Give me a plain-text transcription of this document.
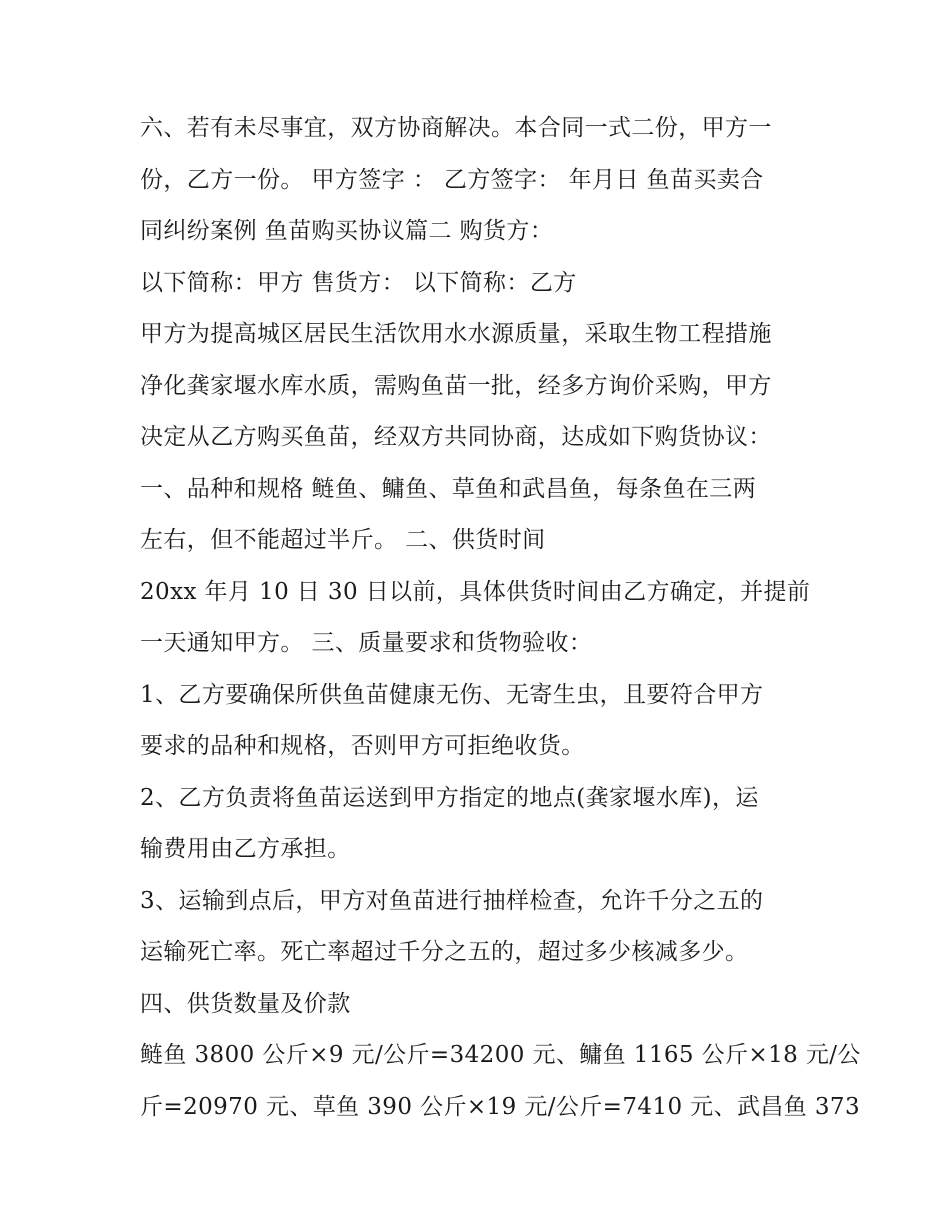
六、若有未尽事宜，双方协商解决。本合同一式二份，甲方一
份，乙方一份。 甲方签字 ： 乙方签字： 年月日 鱼苗买卖合
同纠纷案例 鱼苗购买协议篇二 购货方：
以下简称：甲方 售货方： 以下简称：乙方
甲方为提高城区居民生活饮用水水源质量，采取生物工程措施
净化龚家堰水库水质，需购鱼苗一批，经多方询价采购，甲方
决定从乙方购买鱼苗，经双方共同协商，达成如下购货协议：
一、品种和规格 鲢鱼、鳙鱼、草鱼和武昌鱼，每条鱼在三两
左右，但不能超过半斤。 二、供货时间
20xx 年月 10 日 30 日以前，具体供货时间由乙方确定，并提前
一天通知甲方。 三、质量要求和货物验收：
1、乙方要确保所供鱼苗健康无伤、无寄生虫，且要符合甲方
要求的品种和规格，否则甲方可拒绝收货。
2、乙方负责将鱼苗运送到甲方指定的地点(龚家堰水库)，运
输费用由乙方承担。
3、运输到点后，甲方对鱼苗进行抽样检查，允许千分之五的
运输死亡率。死亡率超过千分之五的，超过多少核减多少。
四、供货数量及价款
鲢鱼 3800 公斤×9 元/公斤=34200 元、鳙鱼 1165 公斤×18 元/公
斤=20970 元、草鱼 390 公斤×19 元/公斤=7410 元、武昌鱼 373
